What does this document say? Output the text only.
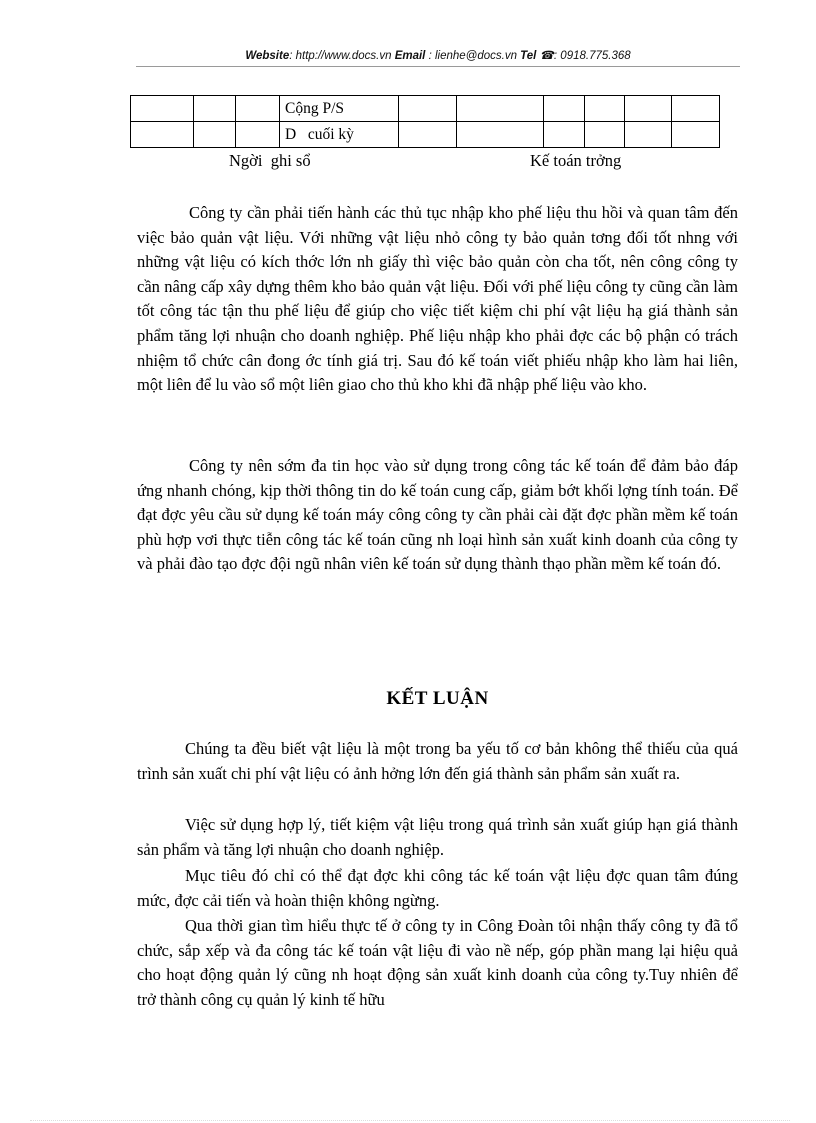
Website: http://www.docs.vn Email : lienhe@docs.vn Tel ☎: 0918.775.368
			Cộng P/S						
			D   cuối kỳ						
Ngời  ghi sổ	Kế toán trởng

Công ty cần phải tiến hành các thủ tục nhập kho phế liệu thu hồi và quan tâm đến việc bảo quản vật liệu. Với những vật liệu nhỏ công ty bảo quản tơng đối tốt nhng với những vật liệu có kích thớc lớn nh giấy thì việc bảo quản còn cha tốt, nên công công ty cần nâng cấp xây dựng thêm kho bảo quản vật liệu. Đối với phế liệu công ty cũng cần làm tốt công tác tận thu phế liệu để giúp cho việc tiết kiệm chi phí vật liệu hạ giá thành sản phẩm tăng lợi nhuận cho doanh nghiệp. Phế liệu nhập kho phải đợc các bộ phận có trách nhiệm tổ chức cân đong ớc tính giá trị. Sau đó kế toán viết phiếu nhập kho làm hai liên, một liên để lu vào sổ một liên giao cho thủ kho khi đã nhập phế liệu vào kho.

Công ty nên sớm đa tin học vào sử dụng trong công tác kế toán để đảm bảo đáp ứng nhanh chóng, kịp thời thông tin do kế toán cung cấp, giảm bớt khối lợng tính toán. Để đạt đợc yêu cầu sử dụng kế toán máy công công ty cần phải cài đặt đợc phần mềm kế toán phù hợp vơi thực tiễn công tác kế toán cũng nh loại hình sản xuất kinh doanh của công ty và phải đào tạo đợc đội ngũ nhân viên kế toán sử dụng thành thạo phần mềm kế toán đó.

KẾT LUẬN

Chúng ta đều biết vật liệu là một trong ba yếu tố cơ bản không thể thiếu của quá trình sản xuất chi phí vật liệu có ảnh hởng lớn đến giá thành sản phẩm sản xuất ra.

Việc sử dụng hợp lý, tiết kiệm vật liệu trong quá trình sản xuất giúp hạn giá thành sản phẩm và tăng lợi nhuận cho doanh nghiệp.

Mục tiêu đó chỉ có thể đạt đợc khi công tác kế toán vật liệu đợc quan tâm đúng mức, đợc cải tiến và hoàn thiện không ngừng.

Qua thời gian tìm hiểu thực tế ở công ty in Công Đoàn tôi nhận thấy công ty đã tổ chức, sắp xếp và đa công tác kế toán vật liệu đi vào nề nếp, góp phần mang lại hiệu quả cho hoạt động quản lý cũng nh hoạt động sản xuất kinh doanh của công ty.Tuy nhiên để trở thành công cụ quản lý kinh tế hữu
